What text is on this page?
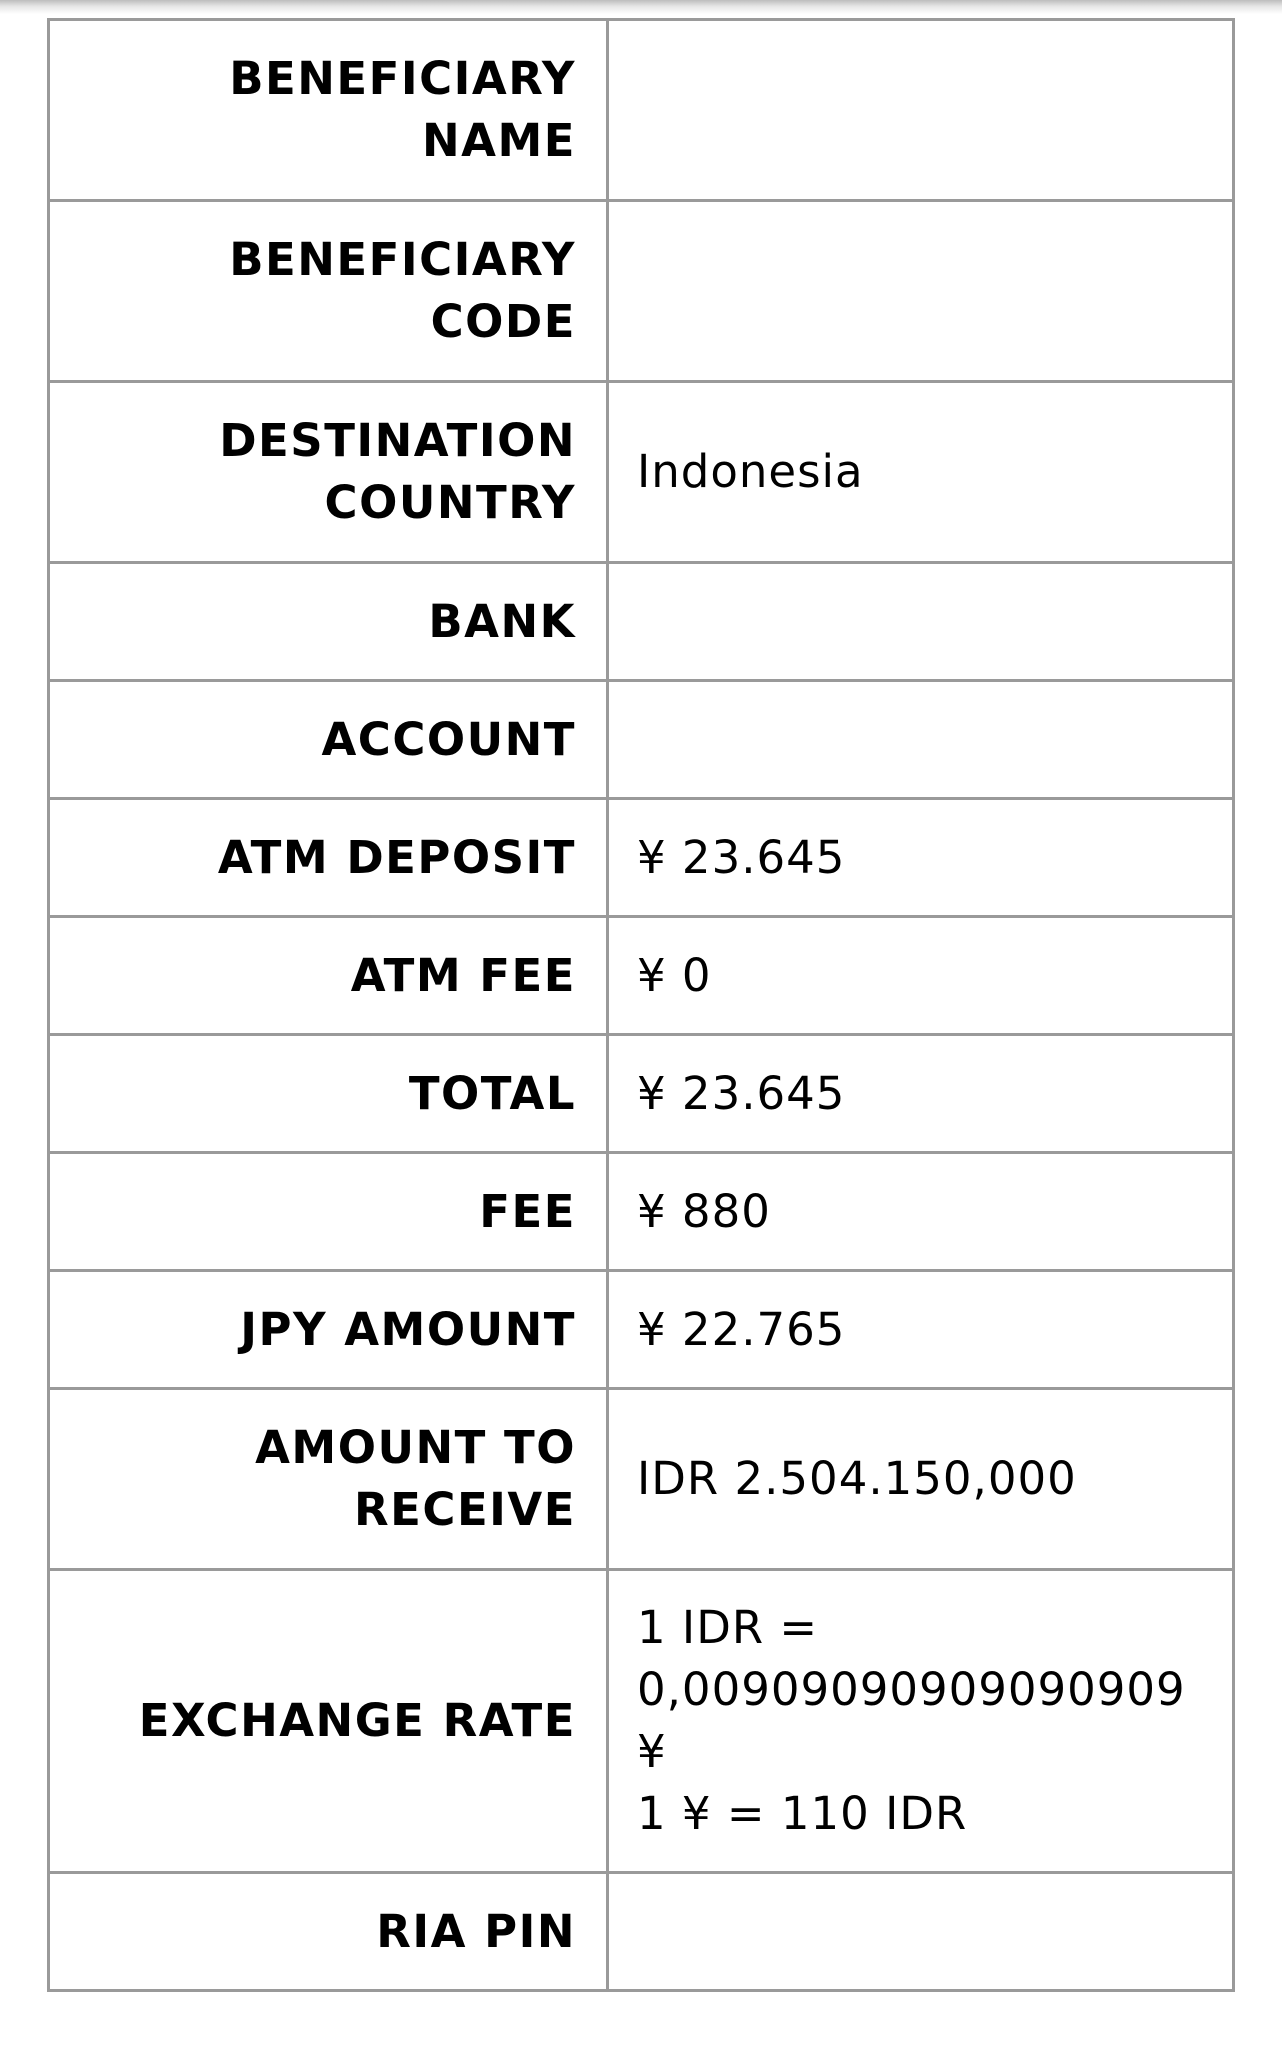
BENEFICIARY
NAME	

BENEFICIARY
CODE	

DESTINATION
COUNTRY	Indonesia

BANK	

ACCOUNT	

ATM DEPOSIT	¥ 23.645

ATM FEE	¥ 0

TOTAL	¥ 23.645

FEE	¥ 880

JPY AMOUNT	¥ 22.765

AMOUNT TO
RECEIVE	IDR 2.504.150,000

EXCHANGE RATE	1 IDR =
0,00909090909090909
¥
1 ¥ = 110 IDR

RIA PIN	
